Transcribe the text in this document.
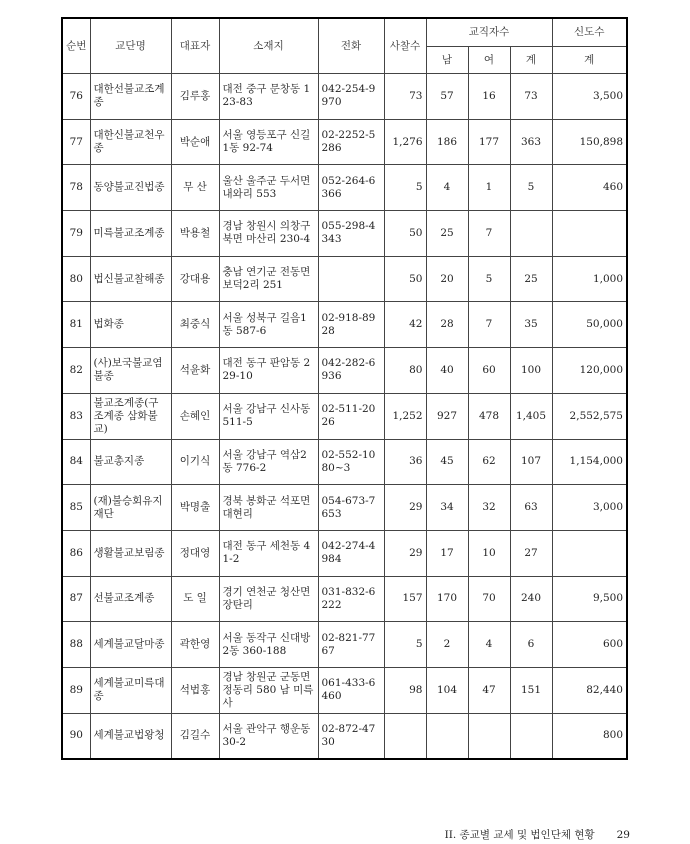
순번	교단명	대표자	소재지	전화	사찰수	교직자수			신도수
						남	여	계	계
76	대한선불교조계종	김루홍	대전 중구 문창동 123-83	042-254-9970	73	57	16	73	3,500
77	대한신불교천우종	박순애	서울 영등포구 신길1동 92-74	02-2252-5286	1,276	186	177	363	150,898
78	동양불교진법종	무 산	울산 울주군 두서면 내와리 553	052-264-6366	5	4	1	5	460
79	미륵불교조계종	박용철	경남 창원시 의창구 북면 마산리 230-4	055-298-4343	50	25	7		
80	법신불교찰해종	강대용	충남 연기군 전동면 보덕2리 251		50	20	5	25	1,000
81	법화종	최중식	서울 성북구 길음1동 587-6	02-918-8928	42	28	7	35	50,000
82	(사)보국불교염불종	석윤화	대전 동구 판암동 229-10	042-282-6936	80	40	60	100	120,000
83	불교조계종(구 조계종 삼화불교)	손혜인	서울 강남구 신사동 511-5	02-511-2026	1,252	927	478	1,405	2,552,575
84	불교총지종	이기식	서울 강남구 역삼2동 776-2	02-552-1080~3	36	45	62	107	1,154,000
85	(재)불승회유지재단	박명출	경북 봉화군 석포면 대현리	054-673-7653	29	34	32	63	3,000
86	생활불교보림종	정대영	대전 동구 세천동 41-2	042-274-4984	29	17	10	27	
87	선불교조계종	도 일	경기 연천군 청산면 장탄리	031-832-6222	157	170	70	240	9,500
88	세계불교달마종	곽한영	서울 동작구 신대방2동 360-188	02-821-7767	5	2	4	6	600
89	세계불교미륵대종	석법홍	경남 창원군 군동면 정동리 580 남 미륵사	061-433-6460	98	104	47	151	82,440
90	세계불교법왕청	김길수	서울 관악구 행운동 30-2	02-872-4730					800
II. 종교별 교세 및 법인단체 현황 29
